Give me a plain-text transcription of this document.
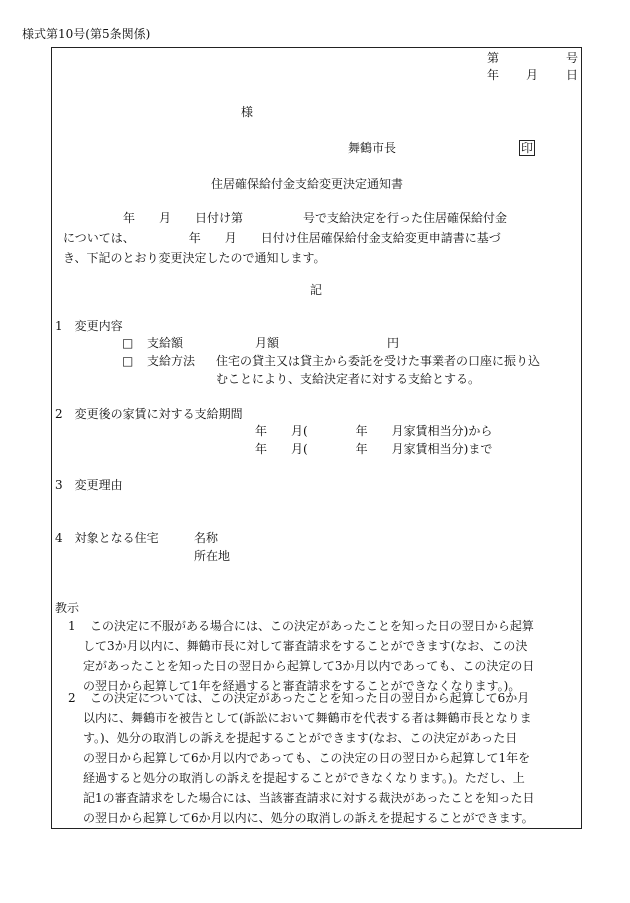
様式第10号(第5条関係)
第	号
年 月 日
様
舞鶴市長	印
住居確保給付金支給変更決定通知書
　　　　　年　　月　　日付け第　　　　　号で支給決定を行った住居確保給付金
については、　　　　　年　　月　　日付け住居確保給付金支給変更申請書に基づ
き、下記のとおり変更決定したので通知します。
記
1　変更内容
□ 支給額	月額　　　　　　　　　円
□ 支給方法 住宅の貸主又は貸主から委託を受けた事業者の口座に振り込
むことにより、支給決定者に対する支給とする。
2　変更後の家賃に対する支給期間
年　　月(　　　　年　　月家賃相当分)から
年　　月(　　　　年　　月家賃相当分)まで
3　変更理由
4　対象となる住宅	名称
所在地
教示
1	この決定に不服がある場合には、この決定があったことを知った日の翌日から起算
して3か月以内に、舞鶴市長に対して審査請求をすることができます(なお、この決
定があったことを知った日の翌日から起算して3か月以内であっても、この決定の日
の翌日から起算して1年を経過すると審査請求をすることができなくなります。)。
2	この決定については、この決定があったことを知った日の翌日から起算して6か月
以内に、舞鶴市を被告として(訴訟において舞鶴市を代表する者は舞鶴市長となりま
す。)、処分の取消しの訴えを提起することができます(なお、この決定があった日
の翌日から起算して6か月以内であっても、この決定の日の翌日から起算して1年を
経過すると処分の取消しの訴えを提起することができなくなります。)。ただし、上
記1の審査請求をした場合には、当該審査請求に対する裁決があったことを知った日
の翌日から起算して6か月以内に、処分の取消しの訴えを提起することができます。
